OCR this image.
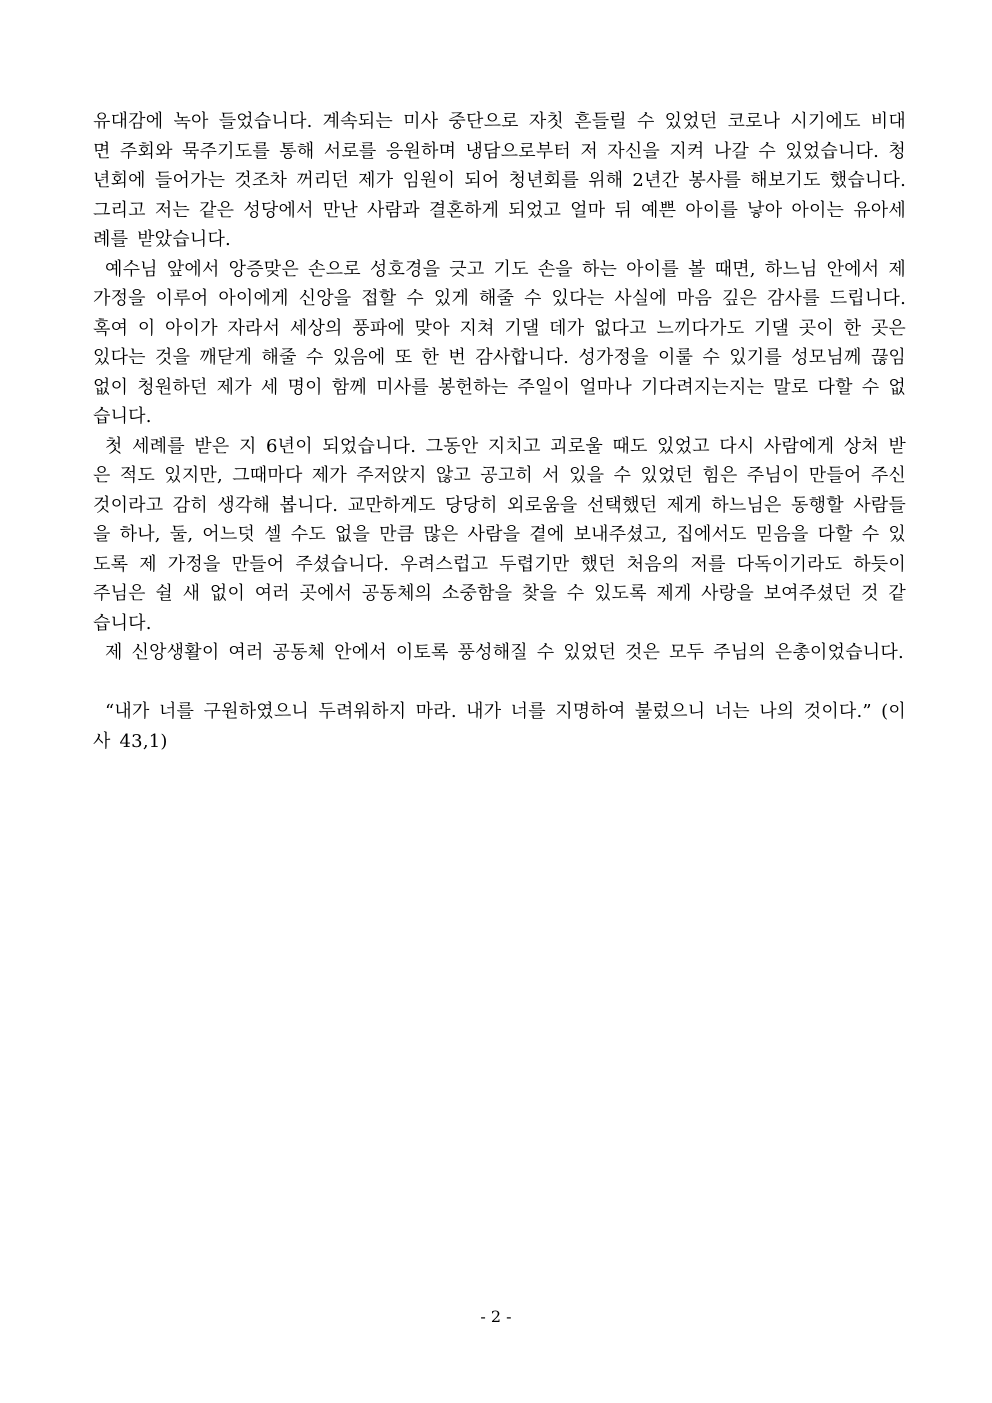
유대감에 녹아 들었습니다. 계속되는 미사 중단으로 자칫 흔들릴 수 있었던 코로나 시기에도 비대면 주회와 묵주기도를 통해 서로를 응원하며 냉담으로부터 저 자신을 지켜 나갈 수 있었습니다. 청년회에 들어가는 것조차 꺼리던 제가 임원이 되어 청년회를 위해 2년간 봉사를 해보기도 했습니다. 그리고 저는 같은 성당에서 만난 사람과 결혼하게 되었고 얼마 뒤 예쁜 아이를 낳아 아이는 유아세례를 받았습니다.

예수님 앞에서 앙증맞은 손으로 성호경을 긋고 기도 손을 하는 아이를 볼 때면, 하느님 안에서 제 가정을 이루어 아이에게 신앙을 접할 수 있게 해줄 수 있다는 사실에 마음 깊은 감사를 드립니다. 혹여 이 아이가 자라서 세상의 풍파에 맞아 지쳐 기댈 데가 없다고 느끼다가도 기댈 곳이 한 곳은 있다는 것을 깨닫게 해줄 수 있음에 또 한 번 감사합니다. 성가정을 이룰 수 있기를 성모님께 끊임없이 청원하던 제가 세 명이 함께 미사를 봉헌하는 주일이 얼마나 기다려지는지는 말로 다할 수 없습니다.

첫 세례를 받은 지 6년이 되었습니다. 그동안 지치고 괴로울 때도 있었고 다시 사람에게 상처 받은 적도 있지만, 그때마다 제가 주저앉지 않고 공고히 서 있을 수 있었던 힘은 주님이 만들어 주신 것이라고 감히 생각해 봅니다. 교만하게도 당당히 외로움을 선택했던 제게 하느님은 동행할 사람들을 하나, 둘, 어느덧 셀 수도 없을 만큼 많은 사람을 곁에 보내주셨고, 집에서도 믿음을 다할 수 있도록 제 가정을 만들어 주셨습니다. 우려스럽고 두렵기만 했던 처음의 저를 다독이기라도 하듯이 주님은 쉴 새 없이 여러 곳에서 공동체의 소중함을 찾을 수 있도록 제게 사랑을 보여주셨던 것 같습니다.

제 신앙생활이 여러 공동체 안에서 이토록 풍성해질 수 있었던 것은 모두 주님의 은총이었습니다.

“내가 너를 구원하였으니 두려워하지 마라. 내가 너를 지명하여 불렀으니 너는 나의 것이다.” (이사 43,1)

- 2 -
